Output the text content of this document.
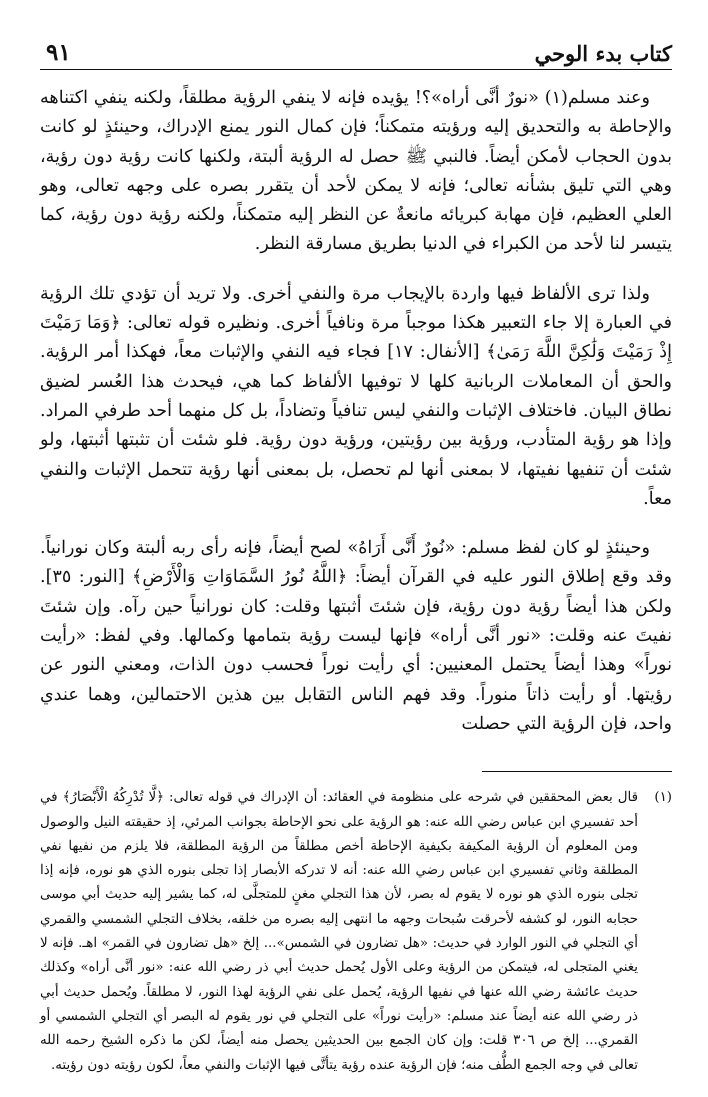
كتاب بدء الوحي
٩١

وعند مسلم(١) «نورٌ أنَّى أراه»؟! يؤيده فإنه لا ينفي الرؤية مطلقاً، ولكنه ينفي اكتناهه والإحاطة به والتحديق إليه ورؤيته متمكناً؛ فإن كمال النور يمنع الإدراك، وحينئذٍ لو كانت بدون الحجاب لأمكن أيضاً. فالنبي ﷺ حصل له الرؤية ألبتة، ولكنها كانت رؤية دون رؤية، وهي التي تليق بشأنه تعالى؛ فإنه لا يمكن لأحد أن يتقرر بصره على وجهه تعالى، وهو العلي العظيم، فإن مهابة كبريائه مانعةٌ عن النظر إليه متمكناً، ولكنه رؤية دون رؤية، كما يتيسر لنا لأحد من الكبراء في الدنيا بطريق مسارقة النظر.

ولذا ترى الألفاظ فيها واردة بالإيجاب مرة والنفي أخرى. ولا تريد أن تؤدي تلك الرؤية في العبارة إلا جاء التعبير هكذا موجباً مرة ونافياً أخرى. ونظيره قوله تعالى: ﴿وَمَا رَمَيْتَ إِذْ رَمَيْتَ وَلَٰكِنَّ اللَّهَ رَمَىٰ﴾ [الأنفال: ١٧] فجاء فيه النفي والإثبات معاً، فهكذا أمر الرؤية. والحق أن المعاملات الربانية كلها لا توفيها الألفاظ كما هي، فيحدث هذا العُسر لضيق نطاق البيان. فاختلاف الإثبات والنفي ليس تنافياً وتضاداً، بل كل منهما أحد طرفي المراد. وإذا هو رؤية المتأدب، ورؤية بين رؤيتين، ورؤية دون رؤية. فلو شئت أن تثبتها أثبتها، ولو شئت أن تنفيها نفيتها، لا بمعنى أنها لم تحصل، بل بمعنى أنها رؤية تتحمل الإثبات والنفي معاً.

وحينئذٍ لو كان لفظ مسلم: «نُورٌ أَنَّى أَرَاهُ» لصح أيضاً، فإنه رأى ربه ألبتة وكان نورانياً. وقد وقع إطلاق النور عليه في القرآن أيضاً: ﴿اللَّهُ نُورُ السَّمَاوَاتِ وَالْأَرْضِ﴾ [النور: ٣٥]. ولكن هذا أيضاً رؤية دون رؤية، فإن شئتَ أثبتها وقلت: كان نورانياً حين رآه. وإن شئتَ نفيتَ عنه وقلت: «نور أنَّى أراه» فإنها ليست رؤية بتمامها وكمالها. وفي لفظ: «رأيت نوراً» وهذا أيضاً يحتمل المعنيين: أي رأيت نوراً فحسب دون الذات، ومعني النور عن رؤيتها. أو رأيت ذاتاً منوراً. وقد فهم الناس التقابل بين هذين الاحتمالين، وهما عندي واحد، فإن الرؤية التي حصلت

(١)
قال بعض المحققين في شرحه على منظومة في العقائد: أن الإدراك في قوله تعالى: ﴿لَّا تُدْرِكُهُ الْأَبْصَارُ﴾ في أحد تفسيري ابن عباس رضي الله عنه: هو الرؤية على نحو الإحاطة بجوانب المرئي، إذ حقيقته النيل والوصول ومن المعلوم أن الرؤية المكيفة بكيفية الإحاطة أخص مطلقاً من الرؤية المطلقة، فلا يلزم من نفيها نفي المطلقة وثاني تفسيري ابن عباس رضي الله عنه: أنه لا تدركه الأبصار إذا تجلى بنوره الذي هو نوره، فإنه إذا تجلى بنوره الذي هو نوره لا يقوم له بصر، لأن هذا التجلي مغنٍ للمتجلَّى له، كما يشير إليه حديث أبي موسى حجابه النور، لو كشفه لأحرقت سُبحات وجهه ما انتهى إليه بصره من خلقه، بخلاف التجلي الشمسي والقمري أي التجلي في النور الوارد في حديث: «هل تضارون في الشمس»... إلخ «هل تضارون في القمر» اهـ. فإنه لا يغني المتجلى له، فيتمكن من الرؤية وعلى الأول يُحمل حديث أبي ذر رضي الله عنه: «نور أنَّى أراه» وكذلك حديث عائشة رضي الله عنها في نفيها الرؤية، يُحمل على نفي الرؤية لهذا النور، لا مطلقاً. ويُحمل حديث أبي ذر رضي الله عنه أيضاً عند مسلم: «رأيت نوراً» على التجلي في نور يقوم له البصر أي التجلي الشمسي أو القمري... إلخ ص ٣٠٦ قلت: وإن كان الجمع بين الحديثين يحصل منه أيضاً، لكن ما ذكره الشيخ رحمه الله تعالى في وجه الجمع الطُّف منه؛ فإن الرؤية عنده رؤية يتأتَّى فيها الإثبات والنفي معاً، لكون رؤيته دون رؤيته.
